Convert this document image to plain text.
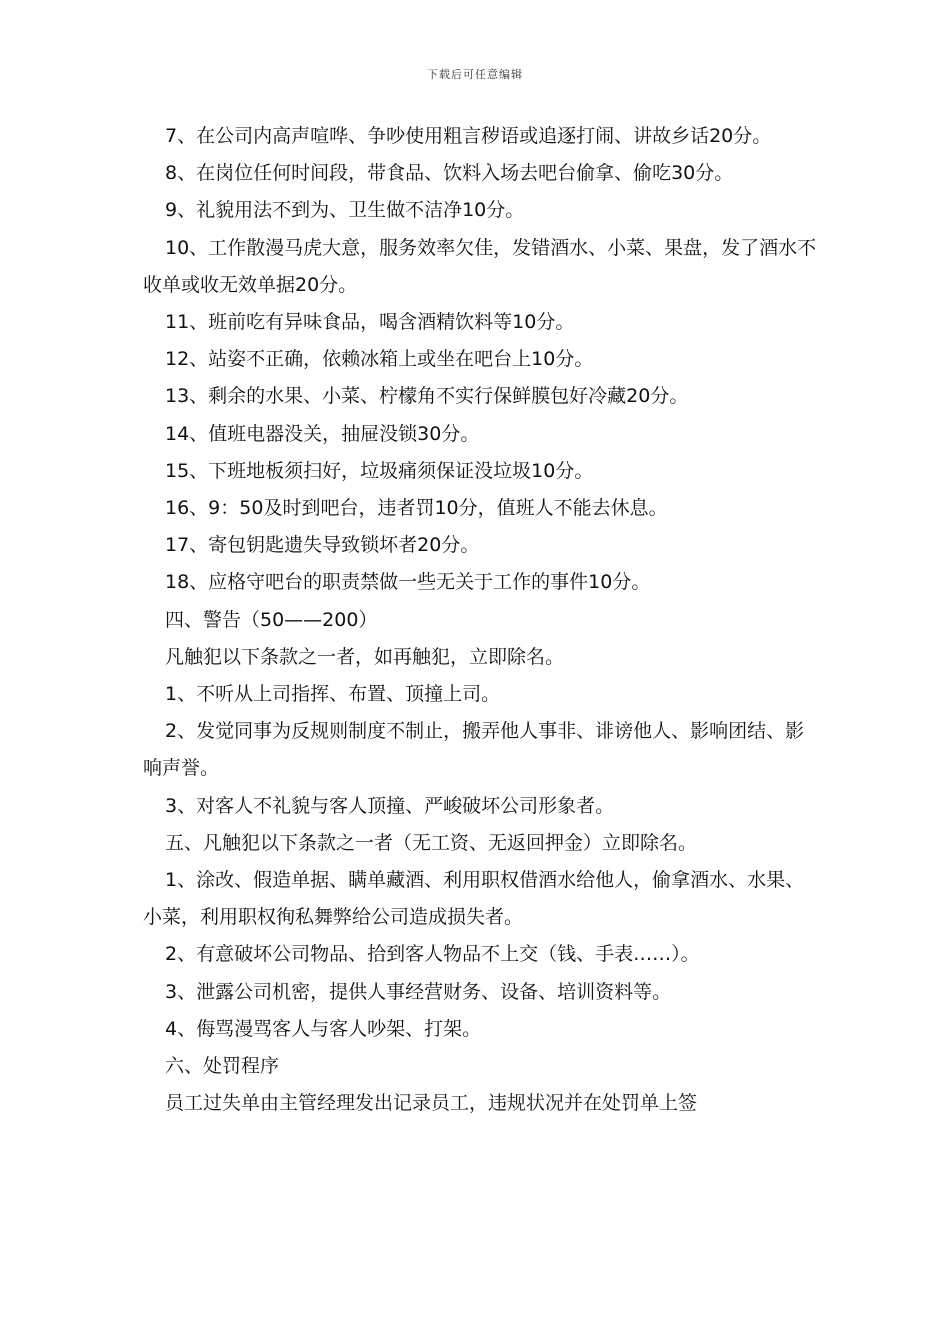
下载后可任意编辑

7、在公司内高声喧哗、争吵使用粗言秽语或追逐打闹、讲故乡话20分。

8、在岗位任何时间段，带食品、饮料入场去吧台偷拿、偷吃30分。

9、礼貌用法不到为、卫生做不洁净10分。

10、工作散漫马虎大意，服务效率欠佳，发错酒水、小菜、果盘，发了酒水不收单或收无效单据20分。

11、班前吃有异味食品，喝含酒精饮料等10分。

12、站姿不正确，依赖冰箱上或坐在吧台上10分。

13、剩余的水果、小菜、柠檬角不实行保鲜膜包好冷藏20分。

14、值班电器没关，抽屉没锁30分。

15、下班地板须扫好，垃圾痛须保证没垃圾10分。

16、9：50及时到吧台，违者罚10分，值班人不能去休息。

17、寄包钥匙遗失导致锁坏者20分。

18、应格守吧台的职责禁做一些无关于工作的事件10分。

四、警告（50——200）

凡触犯以下条款之一者，如再触犯，立即除名。

1、不听从上司指挥、布置、顶撞上司。

2、发觉同事为反规则制度不制止，搬弄他人事非、诽谤他人、影响团结、影响声誉。

3、对客人不礼貌与客人顶撞、严峻破坏公司形象者。

五、凡触犯以下条款之一者（无工资、无返回押金）立即除名。

1、涂改、假造单据、瞒单藏酒、利用职权借酒水给他人，偷拿酒水、水果、小菜，利用职权徇私舞弊给公司造成损失者。

2、有意破坏公司物品、拾到客人物品不上交（钱、手表……）。

3、泄露公司机密，提供人事经营财务、设备、培训资料等。

4、侮骂漫骂客人与客人吵架、打架。

六、处罚程序

员工过失单由主管经理发出记录员工，违规状况并在处罚单上签
